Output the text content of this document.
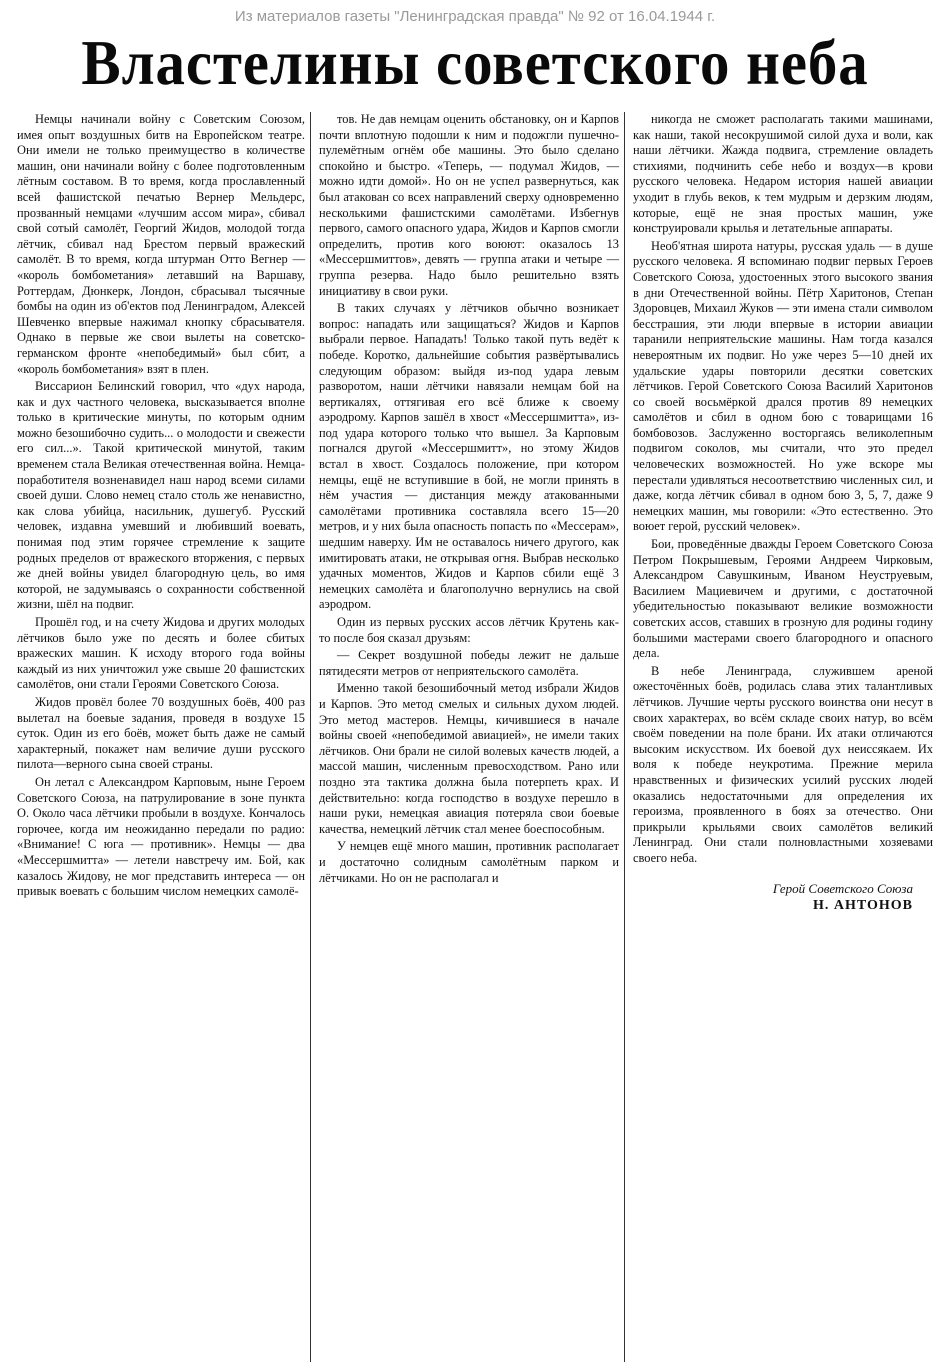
Из материалов газеты "Ленинградская правда" № 92 от 16.04.1944 г.

Властелины советского неба

Немцы начинали войну с Советским Союзом, имея опыт воздушных битв на Европейском театре. Они имели не только преимущество в количестве машин, они начинали войну с более подготовленным лётным составом. В то время, когда прославленный всей фашистской печатью Вернер Мельдерс, прозванный немцами «лучшим ассом мира», сбивал свой сотый самолёт, Георгий Жидов, молодой тогда лётчик, сбивал над Брестом первый вражеский самолёт. В то время, когда штурман Отто Вегнер — «король бомбометания» летавший на Варшаву, Роттердам, Дюнкерк, Лондон, сбрасывал тысячные бомбы на один из об'ектов под Ленинградом, Алексей Шевченко впервые нажимал кнопку сбрасывателя. Однако в первые же свои вылеты на советско-германском фронте «непобедимый» был сбит, а «король бомбометания» взят в плен.

Виссарион Белинский говорил, что «дух народа, как и дух частного человека, высказывается вполне только в критические минуты, по которым одним можно безошибочно судить... о молодости и свежести его сил...». Такой критической минутой, таким временем стала Великая отечественная война. Немца-поработителя возненавидел наш народ всеми силами своей души. Слово немец стало столь же ненавистно, как слова убийца, насильник, душегуб. Русский человек, издавна умевший и любивший воевать, понимая под этим горячее стремление к защите родных пределов от вражеского вторжения, с первых же дней войны увидел благородную цель, во имя которой, не задумываясь о сохранности собственной жизни, шёл на подвиг.

Прошёл год, и на счету Жидова и других молодых лётчиков было уже по десять и более сбитых вражеских машин. К исходу второго года войны каждый из них уничтожил уже свыше 20 фашистских самолётов, они стали Героями Советского Союза.

Жидов провёл более 70 воздушных боёв, 400 раз вылетал на боевые задания, проведя в воздухе 15 суток. Один из его боёв, может быть даже не самый характерный, покажет нам величие души русского пилота—верного сына своей страны.

Он летал с Александром Карповым, ныне Героем Советского Союза, на патрулирование в зоне пункта О. Около часа лётчики пробыли в воздухе. Кончалось горючее, когда им неожиданно передали по радио: «Внимание! С юга — противник». Немцы — два «Мессершмитта» — летели навстречу им. Бой, как казалось Жидову, не мог представить интереса — он привык воевать с большим числом немецких самолё-

тов. Не дав немцам оценить обстановку, он и Карпов почти вплотную подошли к ним и подожгли пушечно-пулемётным огнём обе машины. Это было сделано спокойно и быстро. «Теперь, — подумал Жидов, — можно идти домой». Но он не успел развернуться, как был атакован со всех направлений сверху одновременно несколькими фашистскими самолётами. Избегнув первого, самого опасного удара, Жидов и Карпов смогли определить, против кого воюют: оказалось 13 «Мессершмиттов», девять — группа атаки и четыре — группа резерва. Надо было решительно взять инициативу в свои руки.

В таких случаях у лётчиков обычно возникает вопрос: нападать или защищаться? Жидов и Карпов выбрали первое. Нападать! Только такой путь ведёт к победе. Коротко, дальнейшие события развёртывались следующим образом: выйдя из-под удара левым разворотом, наши лётчики навязали немцам бой на вертикалях, оттягивая его всё ближе к своему аэродрому. Карпов зашёл в хвост «Мессершмитта», из-под удара которого только что вышел. За Карповым погнался другой «Мессершмитт», но этому Жидов встал в хвост. Создалось положение, при котором немцы, ещё не вступившие в бой, не могли принять в нём участия — дистанция между атакованными самолётами противника составляла всего 15—20 метров, и у них была опасность попасть по «Мессерам», шедшим наверху. Им не оставалось ничего другого, как имитировать атаки, не открывая огня. Выбрав несколько удачных моментов, Жидов и Карпов сбили ещё 3 немецких самолёта и благополучно вернулись на свой аэродром.

Один из первых русских ассов лётчик Крутень как-то после боя сказал друзьям:

— Секрет воздушной победы лежит не дальше пятидесяти метров от неприятельского самолёта.

Именно такой безошибочный метод избрали Жидов и Карпов. Это метод смелых и сильных духом людей. Это метод мастеров. Немцы, кичившиеся в начале войны своей «непобедимой авиацией», не имели таких лётчиков. Они брали не силой волевых качеств людей, а массой машин, численным превосходством. Рано или поздно эта тактика должна была потерпеть крах. И действительно: когда господство в воздухе перешло в наши руки, немецкая авиация потеряла свои боевые качества, немецкий лётчик стал менее боеспособным.

У немцев ещё много машин, противник располагает и достаточно солидным самолётным парком и лётчиками. Но он не располагал и

никогда не сможет располагать такими машинами, как наши, такой несокрушимой силой духа и воли, как наши лётчики. Жажда подвига, стремление овладеть стихиями, подчинить себе небо и воздух—в крови русского человека. Недаром история нашей авиации уходит в глубь веков, к тем мудрым и дерзким людям, которые, ещё не зная простых машин, уже конструировали крылья и летательные аппараты.

Необ'ятная широта натуры, русская удаль — в душе русского человека. Я вспоминаю подвиг первых Героев Советского Союза, удостоенных этого высокого звания в дни Отечественной войны. Пётр Харитонов, Степан Здоровцев, Михаил Жуков — эти имена стали символом бесстрашия, эти люди впервые в истории авиации таранили неприятельские машины. Нам тогда казался невероятным их подвиг. Но уже через 5—10 дней их удальские удары повторили десятки советских лётчиков. Герой Советского Союза Василий Харитонов со своей восьмёркой дрался против 89 немецких самолётов и сбил в одном бою с товарищами 16 бомбовозов. Заслуженно восторгаясь великолепным подвигом соколов, мы считали, что это предел человеческих возможностей. Но уже вскоре мы перестали удивляться несоответствию численных сил, и даже, когда лётчик сбивал в одном бою 3, 5, 7, даже 9 немецких машин, мы говорили: «Это естественно. Это воюет герой, русский человек».

Бои, проведённые дважды Героем Советского Союза Петром Покрышевым, Героями Андреем Чирковым, Александром Савушкиным, Иваном Неуструевым, Василием Мациевичем и другими, с достаточной убедительностью показывают великие возможности советских ассов, ставших в грозную для родины годину большими мастерами своего благородного и опасного дела.

В небе Ленинграда, служившем ареной ожесточённых боёв, родилась слава этих талантливых лётчиков. Лучшие черты русского воинства они несут в своих характерах, во всём складе своих натур, во всём своём поведении на поле брани. Их атаки отличаются высоким искусством. Их боевой дух неиссякаем. Их воля к победе неукротима. Прежние мерила нравственных и физических усилий русских людей оказались недостаточными для определения их героизма, проявленного в боях за отечество. Они прикрыли крыльями своих самолётов великий Ленинград. Они стали полновластными хозяевами своего неба.

Герой Советского Союза

Н. АНТОНОВ
